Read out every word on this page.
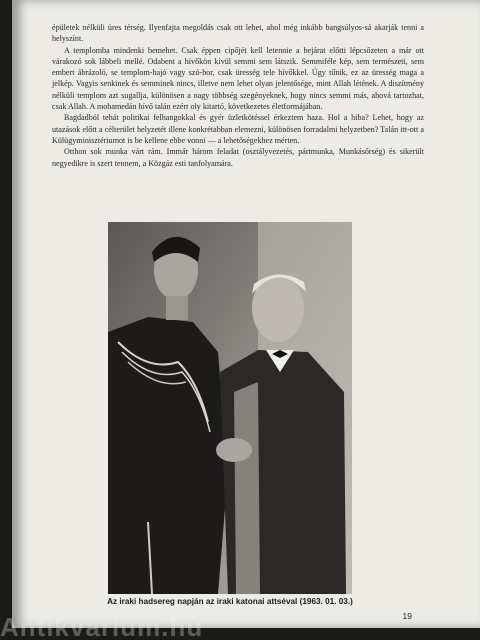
épületek nélküli üres térség. Ilyenfajta megoldás csak ott lehet, ahol még inkább bangsúlyos-sá akarják tenni a helyszínt.

A templomba mindenki bemehet. Csak éppen cipőjét kell letennie a bejárat előtti lépcsőzeten a már ott várakozó sok lábbeli mellé. Odabent a hívőkön kívül semmi sem látszik. Semmiféle kép, sem természeti, sem embert ábrázoló, se templom-hajó vagy szó-bor, csak üresség tele hívőkkel. Úgy tűnik, ez az üresség maga a jelkép. Vagyis senkinek és semminek nincs, illetve nem lehet olyan jelentősége, mint Allah létének. A diszítmény nélküli templom azt sugallja, különösen a nagy többség szegényeknek, hogy nincs semmi más, ahová tartozhat, csak Allah. A mohamedán hívő talán ezért oly kitartó, következetes életformájában.

Bagdadból tehát politikai felhangokkal és gyér üzletkötéssel érkeztem haza. Hol a hiba? Lehet, hogy az utazások előtt a célterület helyzetét illene konkrétabban elemezni, különösen forradalmi helyzetben? Talán itt-ott a Külügyminisztériumot is be kellene ebbe vonni — a lehetőségekhez mérten.

Otthon sok munka várt rám. Immár három feladat (osztályvezetés, pártmunka, Munkásőrség) és sikerült negyedikre is szert tennem, a Közgáz esti tanfolyamára.

Az iraki hadsereg napján az iraki katonai attséval (1963. 01. 03.)
19
Antikvárium.hu
